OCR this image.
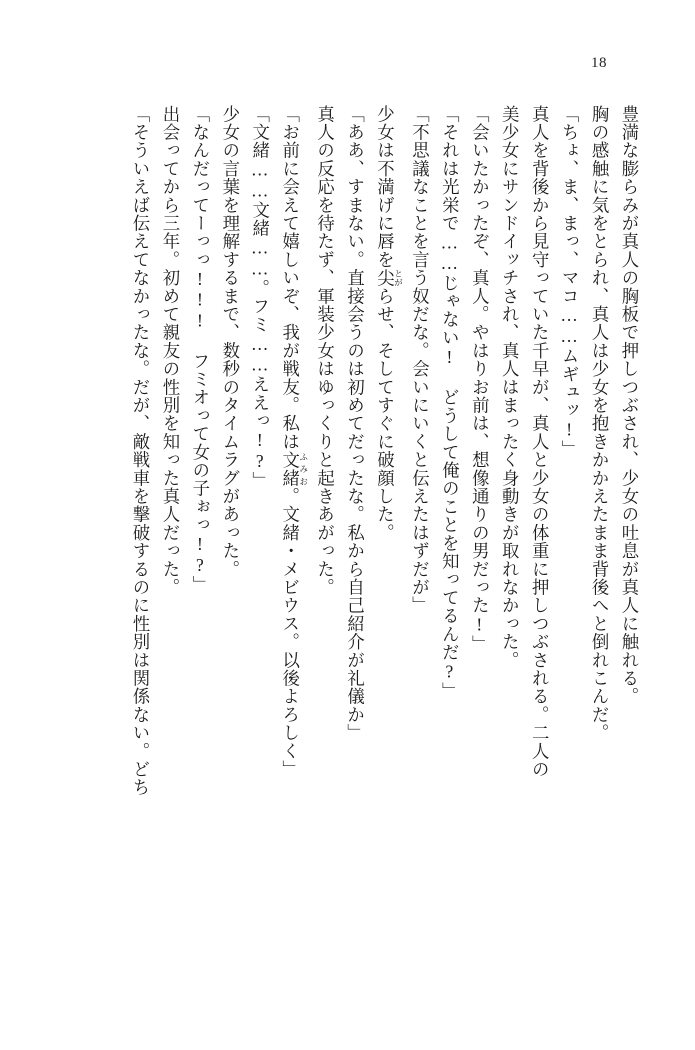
18
豊満な膨らみが真人の胸板で押しつぶされ、少女の吐息が真人に触れる。
胸の感触に気をとられ、真人は少女を抱きかかえたまま背後へと倒れこんだ。
「ちょ、ま、まっ、マコ……ムギュッ!」
真人を背後から見守っていた千早が、真人と少女の体重に押しつぶされる。二人の
美少女にサンドイッチされ、真人はまったく身動きが取れなかった。
「会いたかったぞ、真人。やはりお前は、想像通りの男だった!」
「それは光栄で……じゃない! どうして俺のことを知ってるんだ?」
「不思議なことを言う奴だな。会いにいくと伝えたはずだが」
少女は不満げに唇を尖 とがらせ、そしてすぐに破顔した。
「ああ、すまない。直接会うのは初めてだったな。私から自己紹介が礼儀か」
真人の反応を待たず、軍装少女はゆっくりと起きあがった。
「お前に会えて嬉しいぞ、我が戦友。私は文緒 ふみお。文緒・メビウス。以後よろしく」
「文緒……文緒……。フミ……ええっ!?」
少女の言葉を理解するまで、数秒のタイムラグがあった。
「なんだってーっっ!!! フミオって女の子ぉっ!?」
出会ってから三年。初めて親友の性別を知った真人だった。
「そういえば伝えてなかったな。だが、敵戦車を撃破するのに性別は関係ない。どち
